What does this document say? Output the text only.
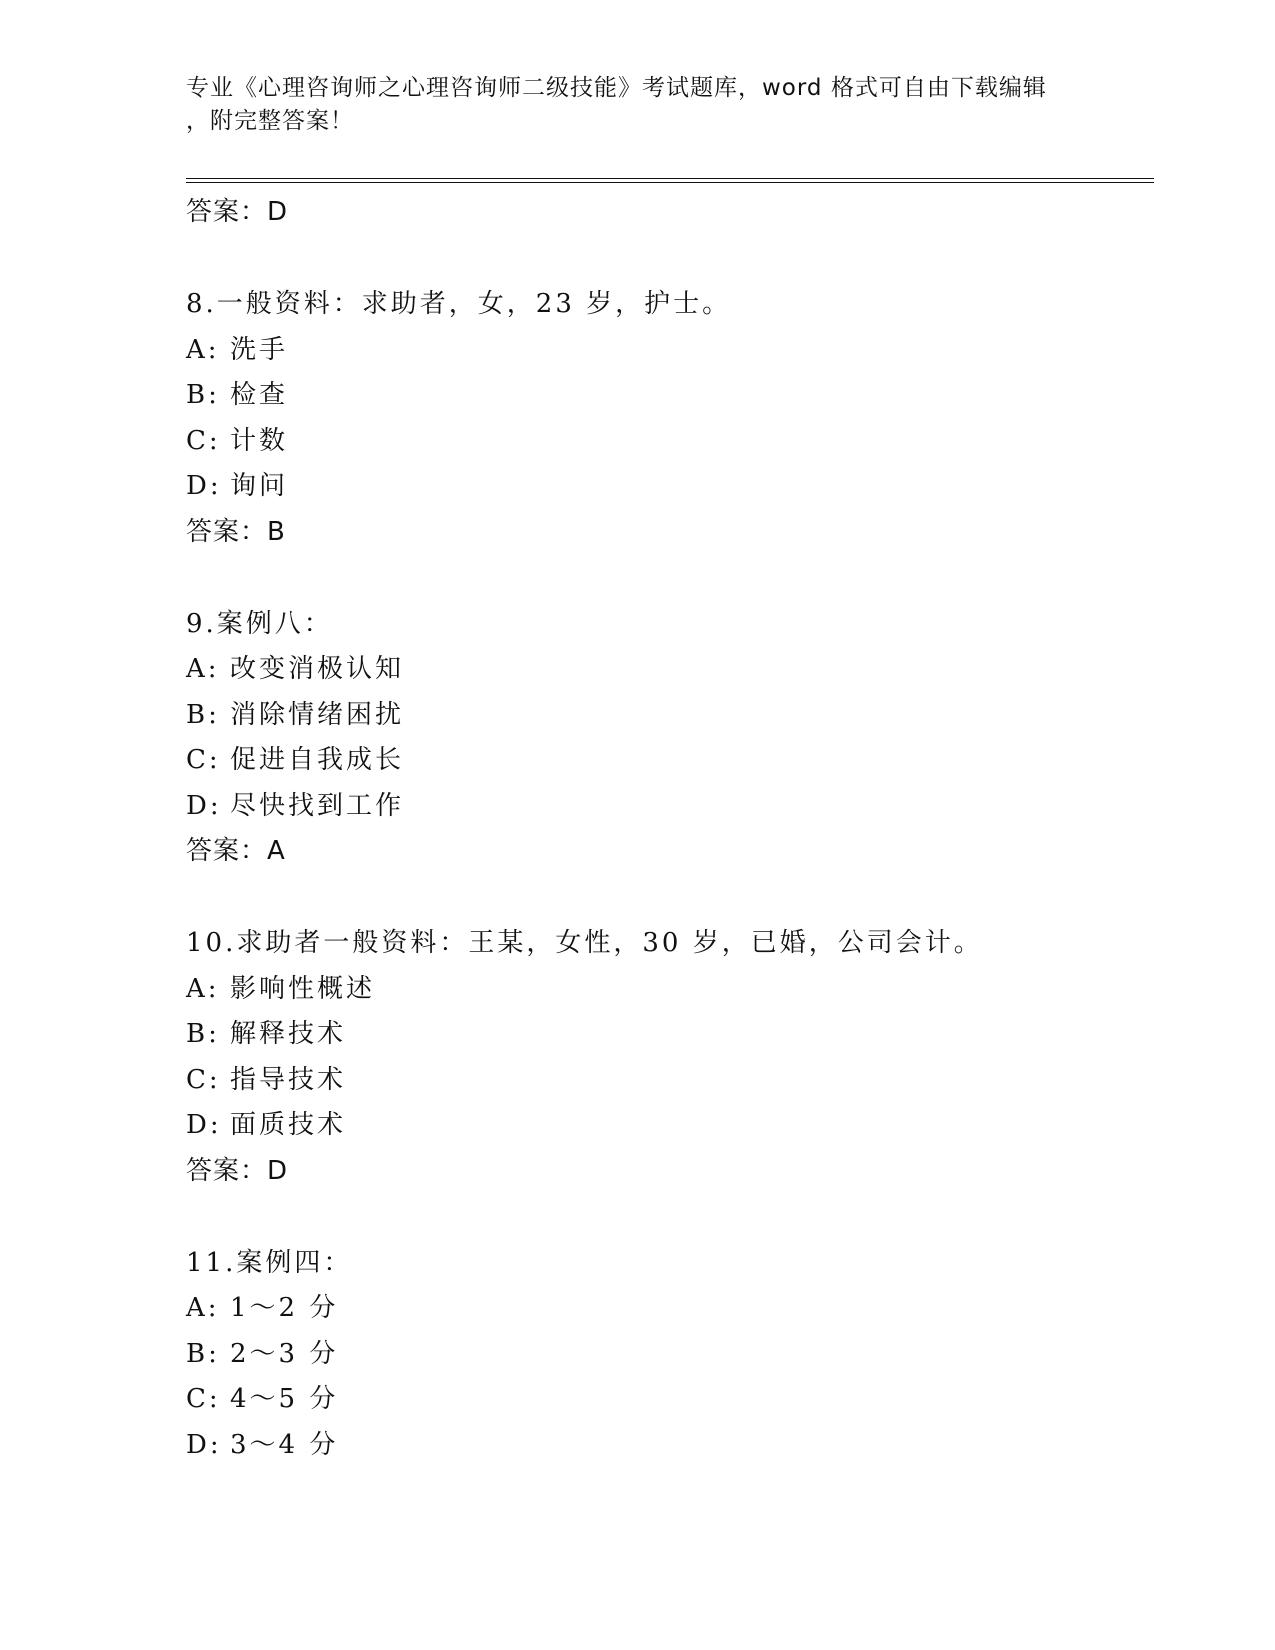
专业《心理咨询师之心理咨询师二级技能》考试题库，word 格式可自由下载编辑
，附完整答案！
答案：D
8.一般资料：求助者，女，23 岁，护士。
A: 洗手
B: 检查
C: 计数
D: 询问
答案：B
9.案例八：
A: 改变消极认知
B: 消除情绪困扰
C: 促进自我成长
D: 尽快找到工作
答案：A
10.求助者一般资料：王某，女性，30 岁，已婚，公司会计。
A: 影响性概述
B: 解释技术
C: 指导技术
D: 面质技术
答案：D
11.案例四：
A: 1～2 分
B: 2～3 分
C: 4～5 分
D: 3～4 分
